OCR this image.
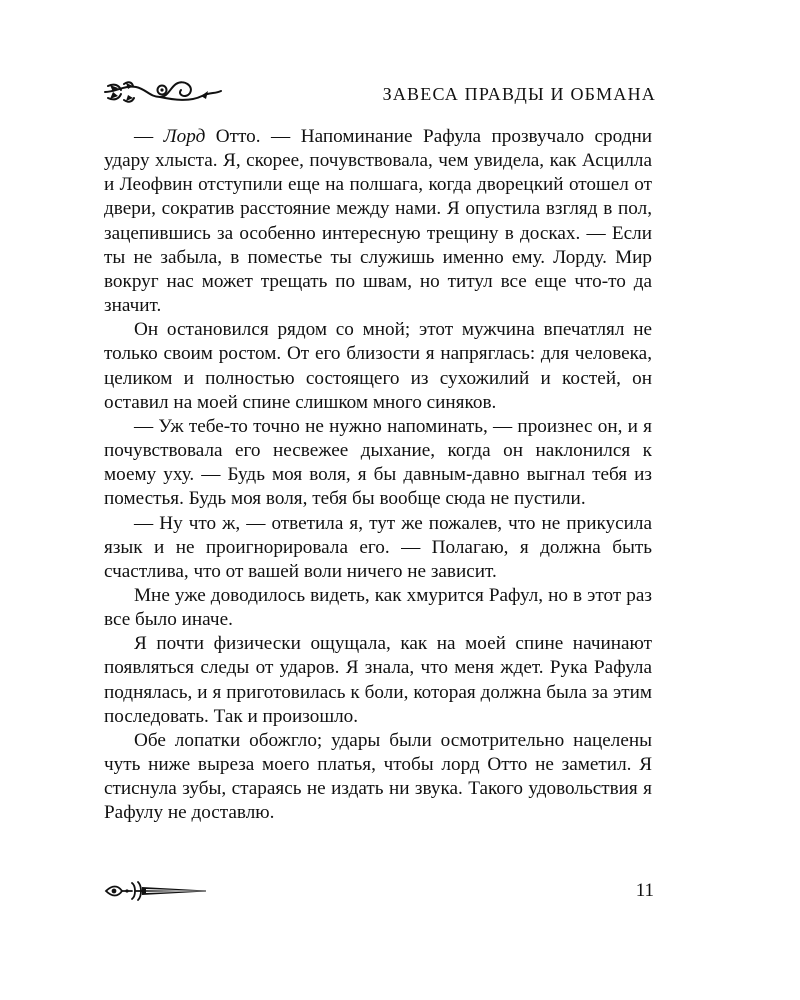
ЗАВЕСА ПРАВДЫ И ОБМАНА

— Лорд Отто. — Напоминание Рафула прозвучало сродни удару хлыста. Я, скорее, почувствовала, чем увидела, как Асцилла и Леофвин отступили еще на полшага, когда дворецкий отошел от двери, сократив расстояние между нами. Я опустила взгляд в пол, зацепившись за особенно интересную трещину в досках. — Если ты не забыла, в поместье ты служишь именно ему. Лорду. Мир вокруг нас может трещать по швам, но титул все еще что-то да значит.

Он остановился рядом со мной; этот мужчина впечатлял не только своим ростом. От его близости я напряглась: для человека, целиком и полностью состоящего из сухожилий и костей, он оставил на моей спине слишком много синяков.

— Уж тебе-то точно не нужно напоминать, — произнес он, и я почувствовала его несвежее дыхание, когда он наклонился к моему уху. — Будь моя воля, я бы давным-давно выгнал тебя из поместья. Будь моя воля, тебя бы вообще сюда не пустили.

— Ну что ж, — ответила я, тут же пожалев, что не прикусила язык и не проигнорировала его. — Полагаю, я должна быть счастлива, что от вашей воли ничего не зависит.

Мне уже доводилось видеть, как хмурится Рафул, но в этот раз все было иначе.

Я почти физически ощущала, как на моей спине начинают появляться следы от ударов. Я знала, что меня ждет. Рука Рафула поднялась, и я приготовилась к боли, которая должна была за этим последовать. Так и произошло.

Обе лопатки обожгло; удары были осмотрительно нацелены чуть ниже выреза моего платья, чтобы лорд Отто не заметил. Я стиснула зубы, стараясь не издать ни звука. Такого удовольствия я Рафулу не доставлю.

11
